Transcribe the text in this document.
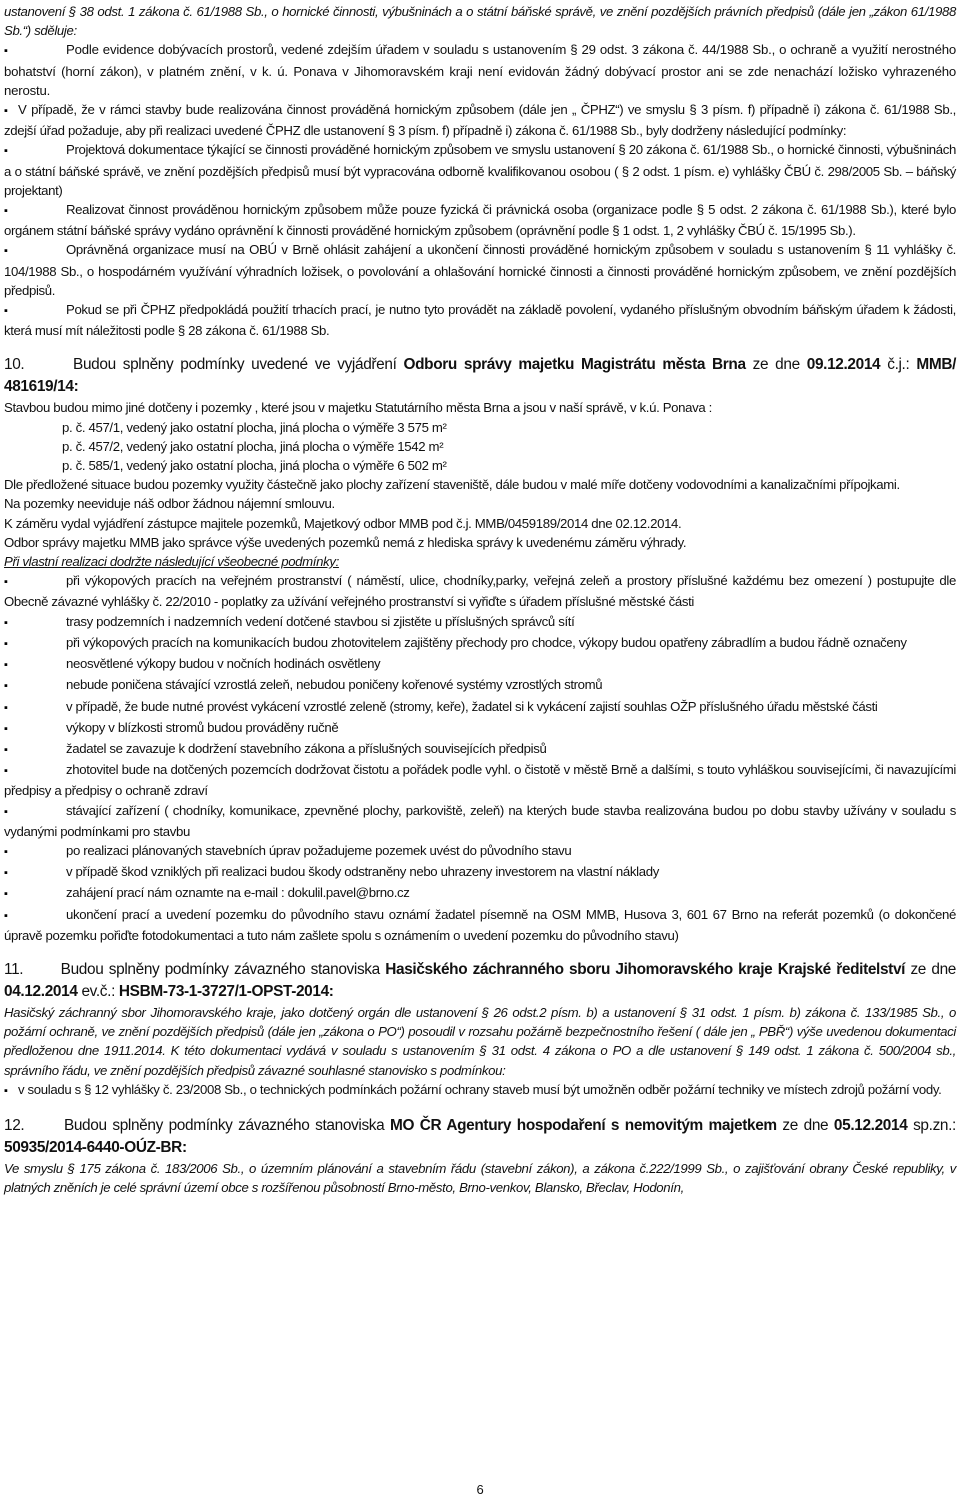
ustanovení § 38 odst. 1 zákona č. 61/1988 Sb., o hornické činnosti, výbušninách a o státní báňské správě, ve znění pozdějších právních předpisů (dále jen „zákon 61/1988 Sb.“) sděluje:

▪	Podle evidence dobývacích prostorů, vedené zdejším úřadem v souladu s ustanovením § 29 odst. 3 zákona č. 44/1988 Sb., o ochraně a využití nerostného bohatství (horní zákon), v platném znění, v k. ú. Ponava v Jihomoravském kraji není evidován žádný dobývací prostor ani se zde nenachází ložisko vyhrazeného nerostu.

▪ V případě, že v rámci stavby bude realizována činnost prováděná hornickým způsobem (dále jen „ ČPHZ“) ve smyslu § 3 písm. f) případně i) zákona č. 61/1988 Sb., zdejší úřad požaduje, aby při realizaci uvedené ČPHZ dle ustanovení § 3 písm. f) případně i) zákona č. 61/1988 Sb., byly dodrženy následující podmínky:

▪	Projektová dokumentace týkající se činnosti prováděné hornickým způsobem ve smyslu ustanovení § 20 zákona č. 61/1988 Sb., o hornické činnosti, výbušninách a o státní báňské správě, ve znění pozdějších předpisů musí být vypracována odborně kvalifikovanou osobou ( § 2 odst. 1 písm. e) vyhlášky ČBÚ č. 298/2005 Sb. – báňský projektant)

▪	Realizovat činnost prováděnou hornickým způsobem může pouze fyzická či právnická osoba (organizace podle § 5 odst. 2 zákona č. 61/1988 Sb.), které bylo orgánem státní báňské správy vydáno oprávnění k činnosti prováděné hornickým způsobem (oprávnění podle § 1 odst. 1, 2 vyhlášky ČBÚ č. 15/1995 Sb.).

▪	Oprávněná organizace musí na OBÚ v Brně ohlásit zahájení a ukončení činnosti prováděné hornickým způsobem v souladu s ustanovením § 11 vyhlášky č. 104/1988 Sb., o hospodárném využívání výhradních ložisek, o povolování a ohlašování hornické činnosti a činnosti prováděné hornickým způsobem, ve znění pozdějších předpisů.

▪	Pokud se při ČPHZ předpokládá použití trhacích prací, je nutno tyto provádět na základě povolení, vydaného příslušným obvodním báňským úřadem k žádosti, která musí mít náležitosti podle § 28 zákona č. 61/1988 Sb.

10.	Budou splněny podmínky uvedené ve vyjádření Odboru správy majetku Magistrátu města Brna ze dne 09.12.2014 č.j.: MMB/ 481619/14:

Stavbou budou mimo jiné dotčeny i pozemky , které jsou v majetku Statutárního města Brna a jsou v naší správě, v k.ú. Ponava :

p. č. 457/1, vedený jako ostatní plocha, jiná plocha o výměře 3 575 m²

p. č. 457/2, vedený jako ostatní plocha, jiná plocha o výměře 1542 m²

p. č. 585/1, vedený jako ostatní plocha, jiná plocha o výměře 6 502 m²

Dle předložené situace budou pozemky využity částečně jako plochy zařízení staveniště, dále budou v malé míře dotčeny vodovodními a kanalizačními přípojkami.

Na pozemky neeviduje náš odbor žádnou nájemní smlouvu.

K záměru vydal vyjádření zástupce majitele pozemků, Majetkový odbor MMB pod č.j. MMB/0459189/2014 dne 02.12.2014.

Odbor správy majetku MMB jako správce výše uvedených pozemků nemá z hlediska správy k uvedenému záměru výhrady.

Při vlastní realizaci dodržte následující všeobecné podmínky:

▪	při výkopových pracích na veřejném prostranství ( náměstí, ulice, chodníky,parky, veřejná zeleň a prostory příslušné každému bez omezení ) postupujte dle Obecně závazné vyhlášky č. 22/2010 - poplatky za užívání veřejného prostranství si vyřiďte s úřadem příslušné městské části

▪	trasy podzemních i nadzemních vedení dotčené stavbou si zjistěte u příslušných správců sítí

▪	při výkopových pracích na komunikacích budou zhotovitelem zajištěny přechody pro chodce, výkopy budou opatřeny zábradlím a budou řádně označeny

▪	neosvětlené výkopy budou v nočních hodinách osvětleny

▪	nebude poničena stávající vzrostlá zeleň, nebudou poničeny kořenové systémy vzrostlých stromů

▪	v případě, že bude nutné provést vykácení vzrostlé zeleně (stromy, keře), žadatel si k vykácení zajistí souhlas OŽP příslušného úřadu městské části

▪	výkopy v blízkosti stromů budou prováděny ručně

▪	žadatel se zavazuje k dodržení stavebního zákona a příslušných souvisejících předpisů

▪	zhotovitel bude na dotčených pozemcích dodržovat čistotu a pořádek podle vyhl. o čistotě v městě Brně a dalšími, s touto vyhláškou souvisejícími, či navazujícími předpisy a předpisy o ochraně zdraví

▪	stávající zařízení ( chodníky, komunikace, zpevněné plochy, parkoviště, zeleň) na kterých bude stavba realizována budou po dobu stavby užívány v souladu s vydanými podmínkami pro stavbu

▪	po realizaci plánovaných stavebních úprav požadujeme pozemek uvést do původního stavu

▪	v případě škod vzniklých při realizaci budou škody odstraněny nebo uhrazeny investorem na vlastní náklady

▪	zahájení prací nám oznamte na e-mail : dokulil.pavel@brno.cz

▪	ukončení prací a uvedení pozemku do původního stavu oznámí žadatel písemně na OSM MMB, Husova 3, 601 67 Brno na referát pozemků (o dokončené úpravě pozemku pořiďte fotodokumentaci a tuto nám zašlete spolu s oznámením o uvedení pozemku do původního stavu)

11. Budou splněny podmínky závazného stanoviska Hasičského záchranného sboru Jihomoravského kraje Krajské ředitelství ze dne 04.12.2014 ev.č.: HSBM-73-1-3727/1-OPST-2014:

Hasičský záchranný sbor Jihomoravského kraje, jako dotčený orgán dle ustanovení § 26 odst.2 písm. b) a ustanovení § 31 odst. 1 písm. b) zákona č. 133/1985 Sb., o požární ochraně, ve znění pozdějších předpisů (dále jen „zákona o PO“) posoudil v rozsahu požárně bezpečnostního řešení ( dále jen „ PBŘ“) výše uvedenou dokumentaci předloženou dne 1911.2014. K této dokumentaci vydává v souladu s ustanovením § 31 odst. 4 zákona o PO a dle ustanovení § 149 odst. 1 zákona č. 500/2004 sb., správního řádu, ve znění pozdějších předpisů závazné souhlasné stanovisko s podmínkou:

▪ v souladu s § 12 vyhlášky č. 23/2008 Sb., o technických podmínkách požární ochrany staveb musí být umožněn odběr požární techniky ve místech zdrojů požární vody.

12.	Budou splněny podmínky závazného stanoviska MO ČR Agentury hospodaření s nemovitým majetkem ze dne 05.12.2014 sp.zn.: 50935/2014-6440-OÚZ-BR:

Ve smyslu § 175 zákona č. 183/2006 Sb., o územním plánování a stavebním řádu (stavební zákon), a zákona č.222/1999 Sb., o zajišťování obrany České republiky, v platných zněních je celé správní území obce s rozšířenou působností Brno-město, Brno-venkov, Blansko, Břeclav, Hodonín,

6
